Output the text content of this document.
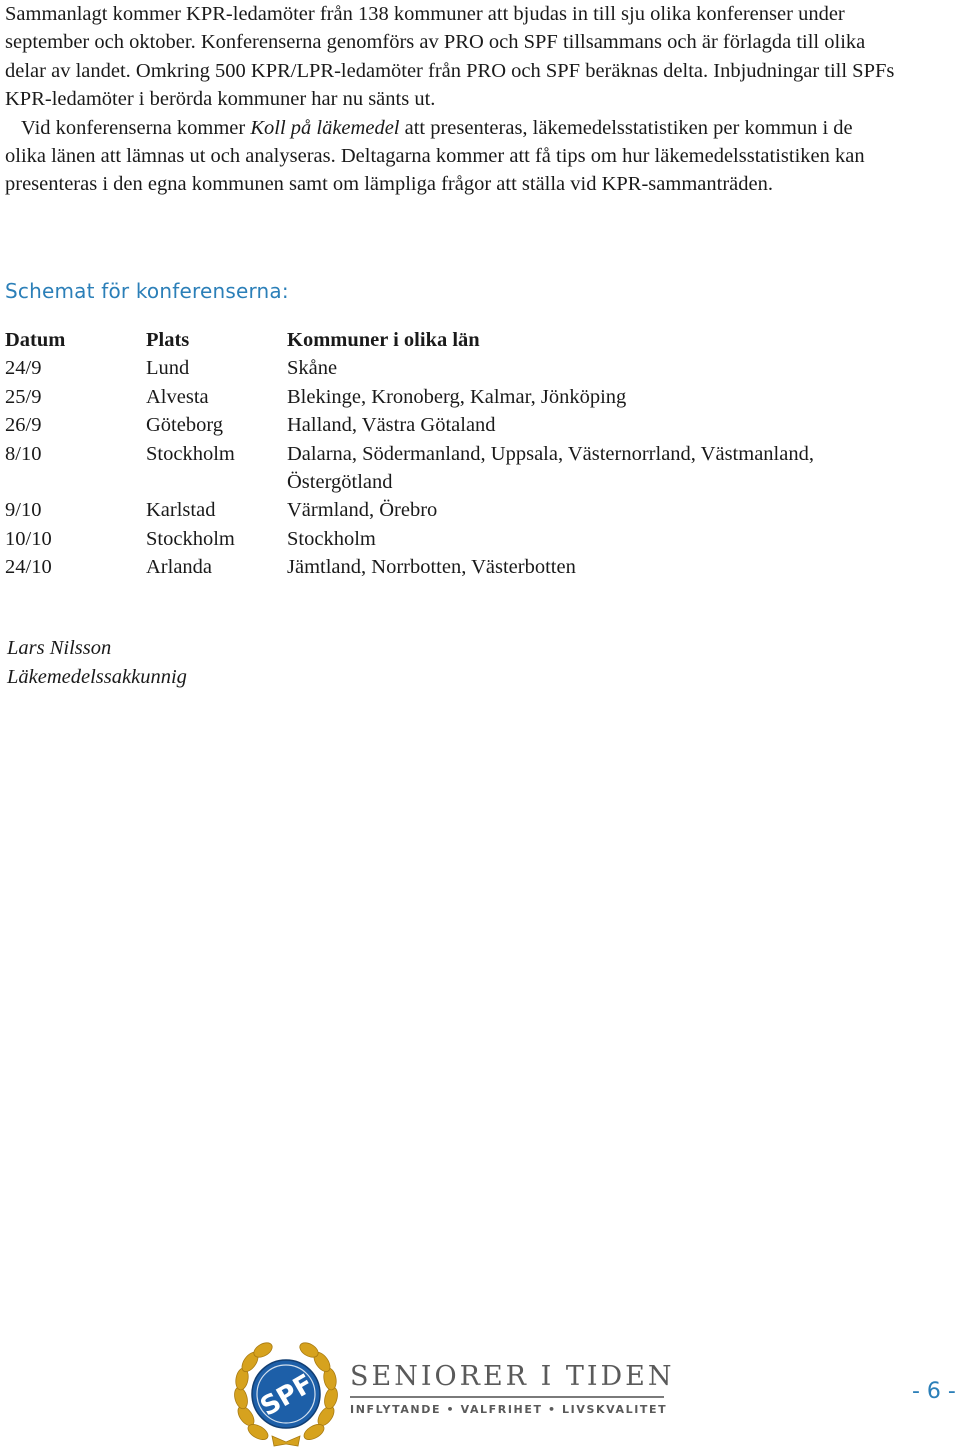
Sammanlagt kommer KPR-ledamöter från 138 kommuner att bjudas in till sju olika konferenser under september och oktober. Konferenserna genomförs av PRO och SPF tillsammans och är förlagda till olika delar av landet. Omkring 500 KPR/LPR-ledamöter från PRO och SPF beräknas delta. Inbjudningar till SPFs KPR-ledamöter i berörda kommuner har nu sänts ut.

Vid konferenserna kommer Koll på läkemedel att presenteras, läkemedelsstatistiken per kommun i de olika länen att lämnas ut och analyseras. Deltagarna kommer att få tips om hur läkemedelsstatistiken kan presenteras i den egna kommunen samt om lämpliga frågor att ställa vid KPR-sammanträden.

Schemat för konferenserna:
Datum	Plats	Kommuner i olika län
24/9	Lund	Skåne
25/9	Alvesta	Blekinge, Kronoberg, Kalmar, Jönköping
26/9	Göteborg	Halland, Västra Götaland
8/10	Stockholm	Dalarna, Södermanland, Uppsala, Västernorrland, Västmanland, Östergötland
9/10	Karlstad	Värmland, Örebro
10/10	Stockholm	Stockholm
24/10	Arlanda	Jämtland, Norrbotten, Västerbotten
Lars Nilsson
Läkemedelssakkunnig
SPF SENIORER I TIDEN
INFLYTANDE • VALFRIHET • LIVSKVALITET
- 6 -
